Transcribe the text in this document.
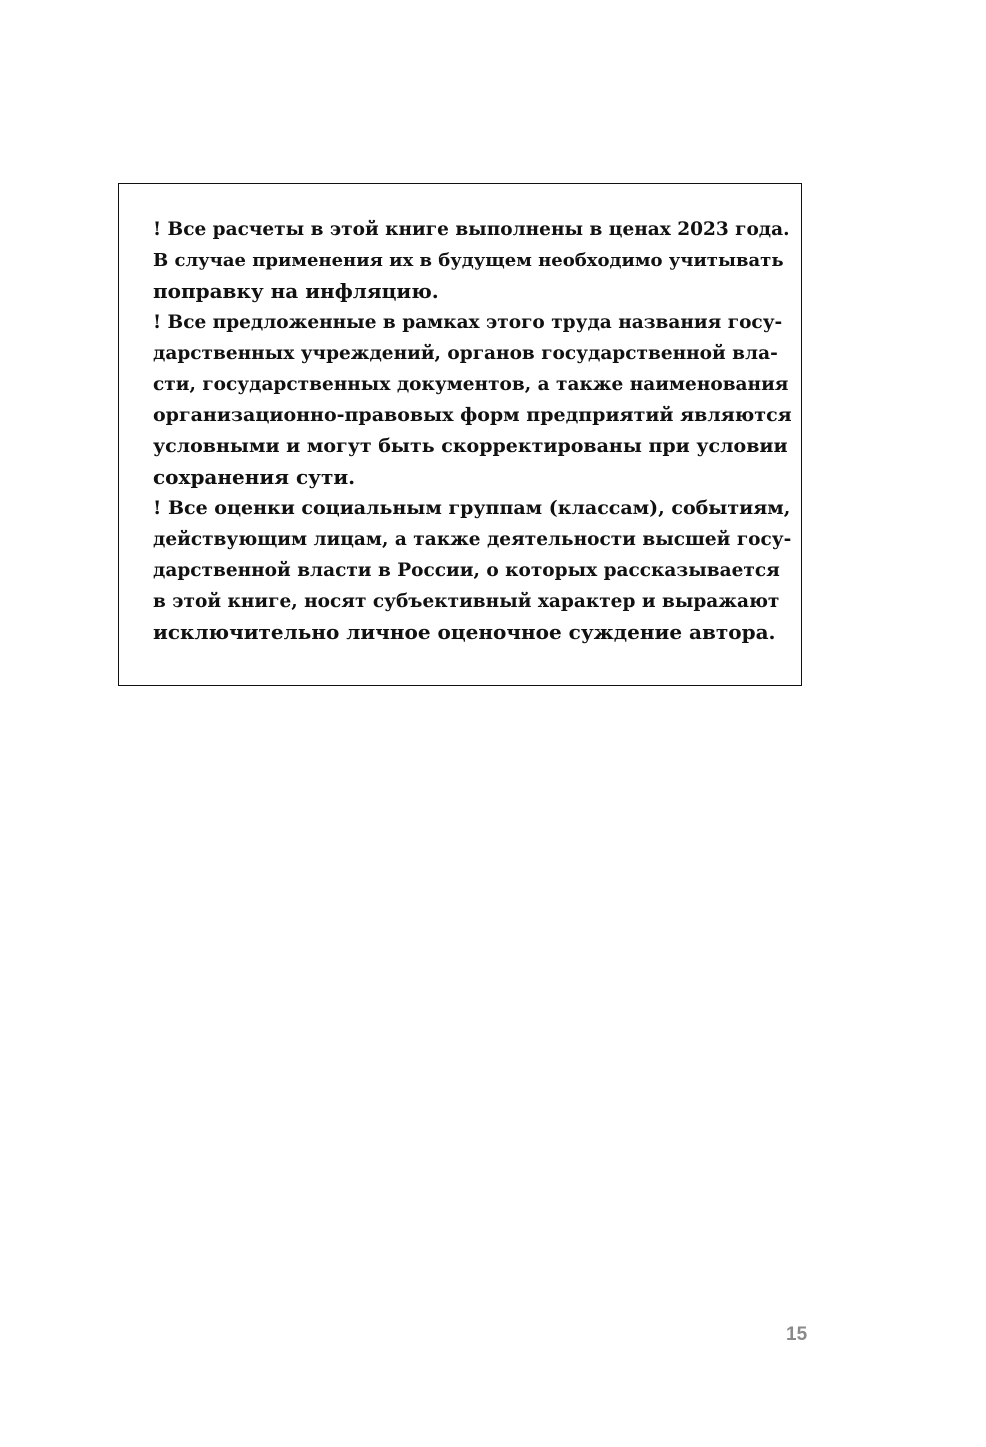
! Все расчеты в этой книге выполнены в ценах 2023 года.
В случае применения их в будущем необходимо учитывать
поправку на инфляцию.
! Все предложенные в рамках этого труда названия госу-
дарственных учреждений, органов государственной вла-
сти, государственных документов, а также наименования
организационно-правовых форм предприятий являются
условными и могут быть скорректированы при условии
сохранения сути.
! Все оценки социальным группам (классам), событиям,
действующим лицам, а также деятельности высшей госу-
дарственной власти в России, о которых рассказывается
в этой книге, носят субъективный характер и выражают
исключительно личное оценочное суждение автора.
15
